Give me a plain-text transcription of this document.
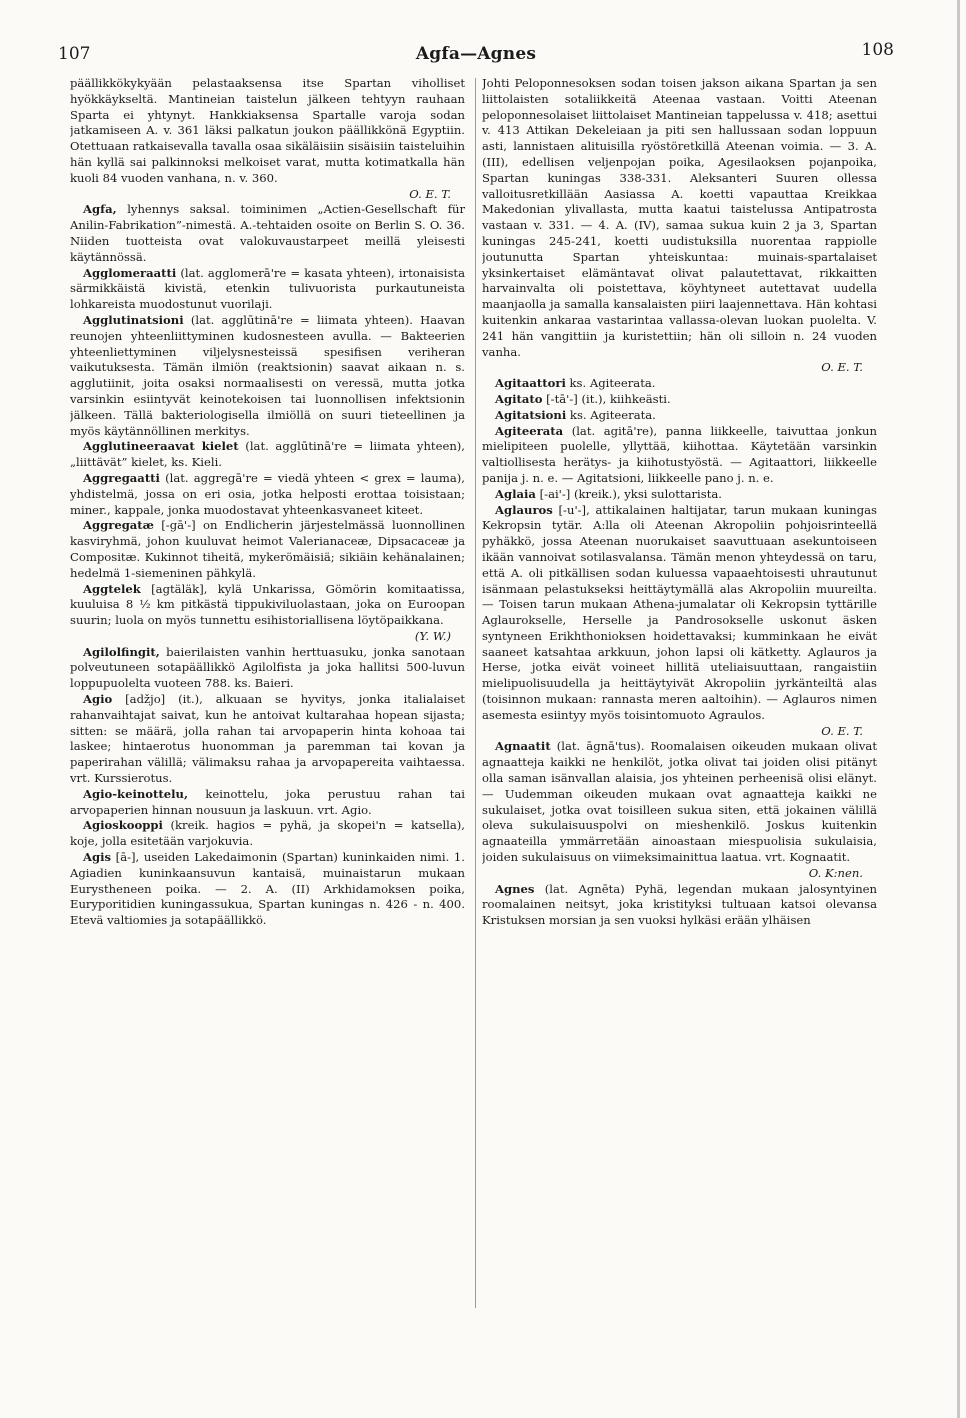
107	Agfa—Agnes	108

päällikkökykyään pelastaaksensa itse Spartan viholliset hyökkäykseltä. Mantineian taistelun jälkeen tehtyyn rauhaan Sparta ei yhtynyt. Hankkiaksensa Spartalle varoja sodan jatkamiseen A. v. 361 läksi palkatun joukon päällikkönä Egyptiin. Otettuaan ratkaisevalla tavalla osaa sikäläisiin sisäisiin taisteluihin hän kyllä sai palkinnoksi melkoiset varat, mutta kotimatkalla hän kuoli 84 vuoden vanhana, n. v. 360.

O. E. T.

Agfa, lyhennys saksal. toiminimen „Actien-Gesellschaft für Anilin-Fabrikation”-nimestä. A.-tehtaiden osoite on Berlin S. O. 36. Niiden tuotteista ovat valokuvaustarpeet meillä yleisesti käytännössä.

Agglomeraatti (lat. agglomerā're = kasata yhteen), irtonaisista särmikkäistä kivistä, etenkin tulivuorista purkautuneista lohkareista muodostunut vuorilaji.

Agglutinatsioni (lat. agglūtinā're = liimata yhteen). Haavan reunojen yhteenliittyminen kudosnesteen avulla. — Bakteerien yhteenliettyminen viljelysnesteissä spesifisen veriheran vaikutuksesta. Tämän ilmiön (reaktsionin) saavat aikaan n. s. agglutiinit, joita osaksi normaalisesti on veressä, mutta jotka varsinkin esiintyvät keinotekoisen tai luonnollisen infektsionin jälkeen. Tällä bakteriologisella ilmiöllä on suuri tieteellinen ja myös käytännöllinen merkitys.

Agglutineeraavat kielet (lat. agglūtinā're = liimata yhteen), „liittävät” kielet, ks. Kieli.

Aggregaatti (lat. aggregā're = viedä yhteen < grex = lauma), yhdistelmä, jossa on eri osia, jotka helposti erottaa toisistaan; miner., kappale, jonka muodostavat yhteenkasvaneet kiteet.

Aggregatæ [-gā'-] on Endlicherin järjestelmässä luonnollinen kasviryhmä, johon kuuluvat heimot Valerianaceæ, Dipsacaceæ ja Compositæ. Kukinnot tiheitä, mykerömäisiä; sikiäin kehänalainen; hedelmä 1-siemeninen pähkylä.

Aggtelek [agtäläk], kylä Unkarissa, Gömörin komitaatissa, kuuluisa 8 ½ km pitkästä tippukiviluolastaan, joka on Euroopan suurin; luola on myös tunnettu esihistoriallisena löytöpaikkana.

(Y. W.)

Agilolfingit, baierilaisten vanhin herttuasuku, jonka sanotaan polveutuneen sotapäällikkö Agilolfista ja joka hallitsi 500-luvun loppupuolelta vuoteen 788. ks. Baieri.

Agio [adžjo] (it.), alkuaan se hyvitys, jonka italialaiset rahanvaihtajat saivat, kun he antoivat kultarahaa hopean sijasta; sitten: se määrä, jolla rahan tai arvopaperin hinta kohoaa tai laskee; hintaerotus huonomman ja paremman tai kovan ja paperirahan välillä; välimaksu rahaa ja arvopapereita vaihtaessa. vrt. Kurssierotus.

Agio-keinottelu, keinottelu, joka perustuu rahan tai arvopaperien hinnan nousuun ja laskuun. vrt. Agio.

Agioskooppi (kreik. hagios = pyhä, ja skopei'n = katsella), koje, jolla esitetään varjokuvia.

Agis [ā-], useiden Lakedaimonin (Spartan) kuninkaiden nimi. 1. Agiadien kuninkaansuvun kantaisä, muinaistarun mukaan Eurystheneen poika. — 2. A. (II) Arkhidamoksen poika, Euryporitidien kuningassukua, Spartan kuningas n. 426 - n. 400. Etevä valtiomies ja sotapäällikkö.

Johti Peloponnesoksen sodan toisen jakson aikana Spartan ja sen liittolaisten sotaliikkeitä Ateenaa vastaan. Voitti Ateenan peloponnesolaiset liittolaiset Mantineian tappelussa v. 418; asettui v. 413 Attikan Dekeleiaan ja piti sen hallussaan sodan loppuun asti, lannistaen alituisilla ryöstöretkillä Ateenan voimia. — 3. A. (III), edellisen veljenpojan poika, Agesilaoksen pojanpoika, Spartan kuningas 338-331. Aleksanteri Suuren ollessa valloitusretkillään Aasiassa A. koetti vapauttaa Kreikkaa Makedonian ylivallasta, mutta kaatui taistelussa Antipatrosta vastaan v. 331. — 4. A. (IV), samaa sukua kuin 2 ja 3, Spartan kuningas 245-241, koetti uudistuksilla nuorentaa rappiolle joutunutta Spartan yhteiskuntaa: muinais-spartalaiset yksinkertaiset elämäntavat olivat palautettavat, rikkaitten harvainvalta oli poistettava, köyhtyneet autettavat uudella maanjaolla ja samalla kansalaisten piiri laajennettava. Hän kohtasi kuitenkin ankaraa vastarintaa vallassa-olevan luokan puolelta. V. 241 hän vangittiin ja kuristettiin; hän oli silloin n. 24 vuoden vanha.

O. E. T.

Agitaattori ks. Agiteerata.

Agitato [-tā'-] (it.), kiihkeästi.

Agitatsioni ks. Agiteerata.

Agiteerata (lat. agitā're), panna liikkeelle, taivuttaa jonkun mielipiteen puolelle, yllyttää, kiihottaa. Käytetään varsinkin valtiollisesta herätys- ja kiihotustyöstä. — Agitaattori, liikkeelle panija j. n. e. — Agitatsioni, liikkeelle pano j. n. e.

Aglaia [-ai'-] (kreik.), yksi sulottarista.

Aglauros [-u'-], attikalainen haltijatar, tarun mukaan kuningas Kekropsin tytär. A:lla oli Ateenan Akropoliin pohjoisrinteellä pyhäkkö, jossa Ateenan nuorukaiset saavuttuaan asekuntoiseen ikään vannoivat sotilasvalansa. Tämän menon yhteydessä on taru, että A. oli pitkällisen sodan kuluessa vapaaehtoisesti uhrautunut isänmaan pelastukseksi heittäytymällä alas Akropoliin muureilta. — Toisen tarun mukaan Athena-jumalatar oli Kekropsin tyttärille Aglaurokselle, Herselle ja Pandrosokselle uskonut äsken syntyneen Erikhthonioksen hoidettavaksi; kumminkaan he eivät saaneet katsahtaa arkkuun, johon lapsi oli kätketty. Aglauros ja Herse, jotka eivät voineet hillitä uteliaisuuttaan, rangaistiin mielipuolisuudella ja heittäytyivät Akropoliin jyrkänteiltä alas (toisinnon mukaan: rannasta meren aaltoihin). — Aglauros nimen asemesta esiintyy myös toisintomuoto Agraulos.

O. E. T.

Agnaatit (lat. āgnā'tus). Roomalaisen oikeuden mukaan olivat agnaatteja kaikki ne henkilöt, jotka olivat tai joiden olisi pitänyt olla saman isänvallan alaisia, jos yhteinen perheenisä olisi elänyt. — Uudemman oikeuden mukaan ovat agnaatteja kaikki ne sukulaiset, jotka ovat toisilleen sukua siten, että jokainen välillä oleva sukulaisuuspolvi on mieshenkilö. Joskus kuitenkin agnaateilla ymmärretään ainoastaan miespuolisia sukulaisia, joiden sukulaisuus on viimeksimainittua laatua. vrt. Kognaatit.

O. K:nen.

Agnes (lat. Agnēta) Pyhä, legendan mukaan jalosyntyinen roomalainen neitsyt, joka kristityksi tultuaan katsoi olevansa Kristuksen morsian ja sen vuoksi hylkäsi erään ylhäisen
